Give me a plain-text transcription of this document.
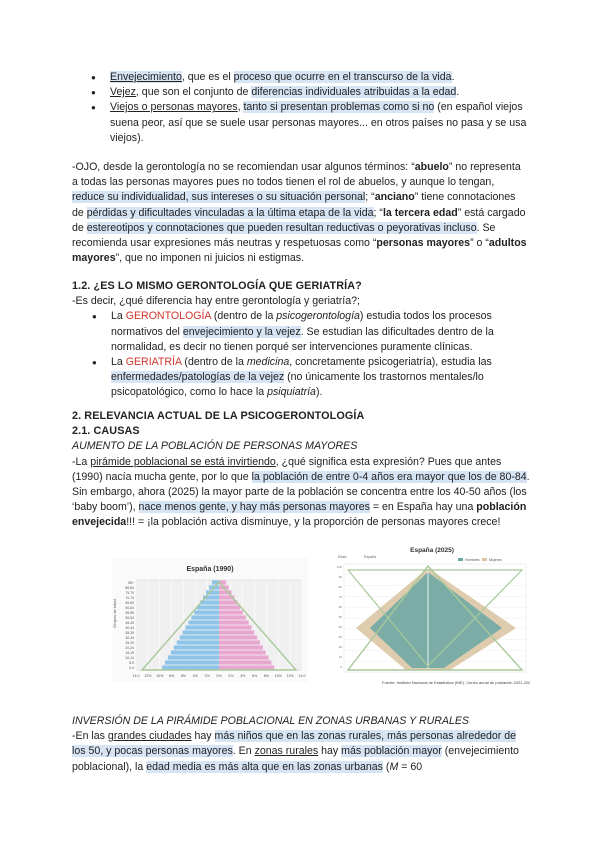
● Envejecimiento, que es el proceso que ocurre en el transcurso de la vida.
● Vejez, que son el conjunto de diferencias individuales atribuidas a la edad.
● Viejos o personas mayores, tanto si presentan problemas como si no (en español viejos suena peor, así que se suele usar personas mayores... en otros países no pasa y se usa viejos).
-OJO, desde la gerontología no se recomiendan usar algunos términos: “abuelo” no representa a todas las personas mayores pues no todos tienen el rol de abuelos, y aunque lo tengan, reduce su individualidad, sus intereses o su situación personal; “anciano” tiene connotaciones de pérdidas y dificultades vinculadas a la última etapa de la vida; “la tercera edad” está cargado de estereotipos y connotaciones que pueden resultan reductivas o peyorativas incluso. Se recomienda usar expresiones más neutras y respetuosas como “personas mayores” o “adultos mayores”, que no imponen ni juicios ni estigmas.
1.2. ¿ES LO MISMO GERONTOLOGÍA QUE GERIATRÍA?
-Es decir, ¿qué diferencia hay entre gerontología y geriatría?;
● La GERONTOLOGÍA (dentro de la psicogerontología) estudia todos los procesos normativos del envejecimiento y la vejez. Se estudian las dificultades dentro de la normalidad, es decir no tienen porqué ser intervenciones puramente clínicas.
● La GERIATRÍA (dentro de la medicina, concretamente psicogeriatría), estudia las enfermedades/patologías de la vejez (no únicamente los trastornos mentales/lo psicopatológico, como lo hace la psiquiatría).
2. RELEVANCIA ACTUAL DE LA PSICOGERONTOLOGÍA
2.1. CAUSAS
AUMENTO DE LA POBLACIÓN DE PERSONAS MAYORES
-La pirámide poblacional se está invirtiendo, ¿qué significa esta expresión? Pues que antes (1990) nacía mucha gente, por lo que la población de entre 0-4 años era mayor que los de 80-84. Sin embargo, ahora (2025) la mayor parte de la población se concentra entre los 40-50 años (los ‘baby boom’), nace menos gente, y hay más personas mayores = en España hay una población envejecida!!! = ¡la población activa disminuye, y la proporción de personas mayores crece!
España (1990)
Grupos de edad
85+
80-84
75-79
70-74
65-69
60-64
55-59
50-54
45-49
40-44
35-39
30-34
25-29
20-24
15-19
10-14
5-9
0-4
14.0 12% 10% 8% 6% 4% 2% 0% 2% 4% 6% 8% 10% 12% 14.0
España (2025)
Edad	España
Hombres	Mujeres
100
90
80
70
60
50
40
30
20
10
0
Fuente: Instituto Nacional de Estadística (INE). Censo anual de población 2021-2024
INVERSIÓN DE LA PIRÁMIDE POBLACIONAL EN ZONAS URBANAS Y RURALES
-En las grandes ciudades hay más niños que en las zonas rurales, más personas alrededor de los 50, y pocas personas mayores. En zonas rurales hay más población mayor (envejecimiento poblacional), la edad media es más alta que en las zonas urbanas (M = 60
